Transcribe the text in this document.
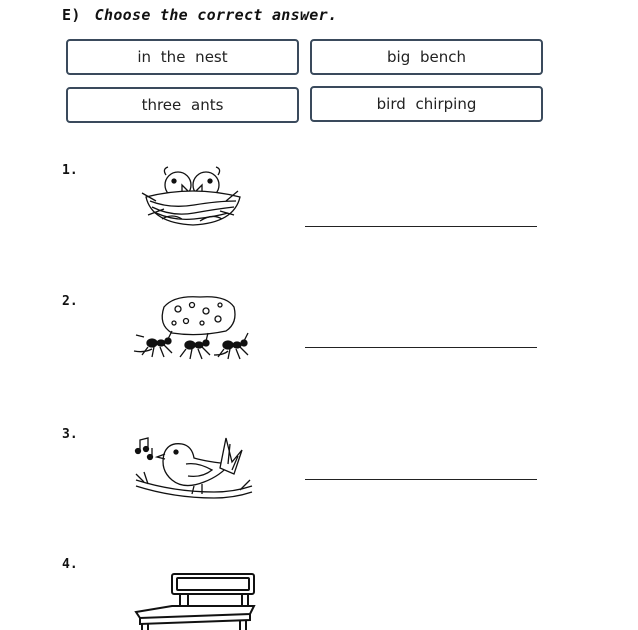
E) Choose the correct answer.
in the nest	big bench
three ants	bird chirping
1.
2.
3.
4.
